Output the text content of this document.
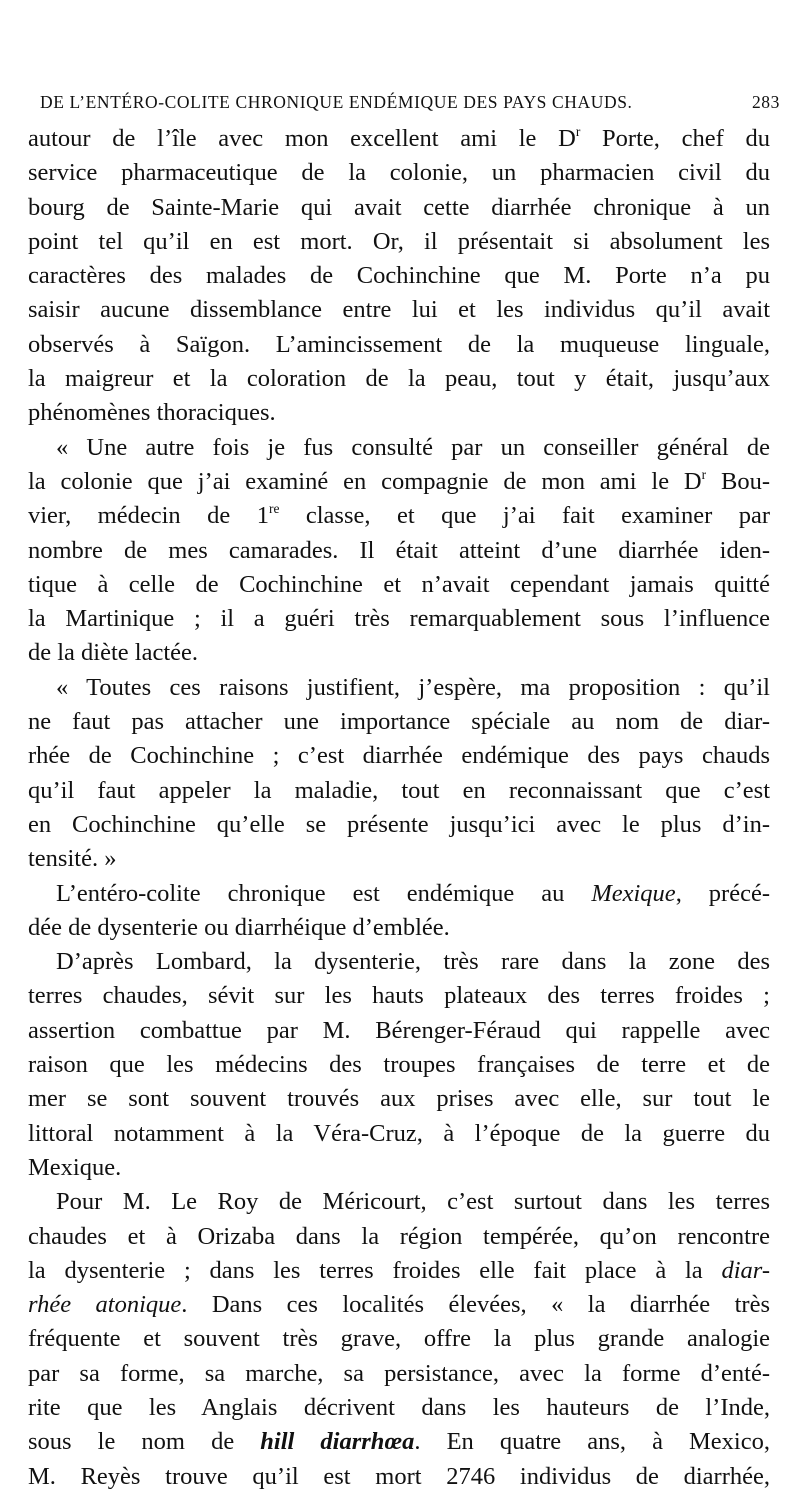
DE L’ENTÉRO-COLITE CHRONIQUE ENDÉMIQUE DES PAYS CHAUDS.	283
autour de l’île avec mon excellent ami le $D^r$ Porte, chef du
service pharmaceutique de la colonie, un pharmacien civil du
bourg de Sainte-Marie qui avait cette diarrhée chronique à un
point tel qu’il en est mort. Or, il présentait si absolument les
caractères des malades de Cochinchine que M. Porte n’a pu
saisir aucune dissemblance entre lui et les individus qu’il avait
observés à Saïgon. L’amincissement de la muqueuse linguale,
la maigreur et la coloration de la peau, tout y était, jusqu’aux
phénomènes thoraciques.
« Une autre fois je fus consulté par un conseiller général de
la colonie que j’ai examiné en compagnie de mon ami le $D^r$ Bou-
vier, médecin de 1re classe, et que j’ai fait examiner par
nombre de mes camarades. Il était atteint d’une diarrhée iden-
tique à celle de Cochinchine et n’avait cependant jamais quitté
la Martinique ; il a guéri très remarquablement sous l’influence
de la diète lactée.
« Toutes ces raisons justifient, j’espère, ma proposition : qu’il
ne faut pas attacher une importance spéciale au nom de diar-
rhée de Cochinchine ; c’est diarrhée endémique des pays chauds
qu’il faut appeler la maladie, tout en reconnaissant que c’est
en Cochinchine qu’elle se présente jusqu’ici avec le plus d’in-
tensité. »
L’entéro-colite chronique est endémique au Mexique, précé-
dée de dysenterie ou diarrhéique d’emblée.
D’après Lombard, la dysenterie, très rare dans la zone des
terres chaudes, sévit sur les hauts plateaux des terres froides ;
assertion combattue par M. Bérenger-Féraud qui rappelle avec
raison que les médecins des troupes françaises de terre et de
mer se sont souvent trouvés aux prises avec elle, sur tout le
littoral notamment à la Véra-Cruz, à l’époque de la guerre du
Mexique.
Pour M. Le Roy de Méricourt, c’est surtout dans les terres
chaudes et à Orizaba dans la région tempérée, qu’on rencontre
la dysenterie ; dans les terres froides elle fait place à la diar-
rhée atonique. Dans ces localités élevées, « la diarrhée très
fréquente et souvent très grave, offre la plus grande analogie
par sa forme, sa marche, sa persistance, avec la forme d’enté-
rite que les Anglais décrivent dans les hauteurs de l’Inde,
sous le nom de hill diarrhœa. En quatre ans, à Mexico,
M. Reyès trouve qu’il est mort 2746 individus de diarrhée,
